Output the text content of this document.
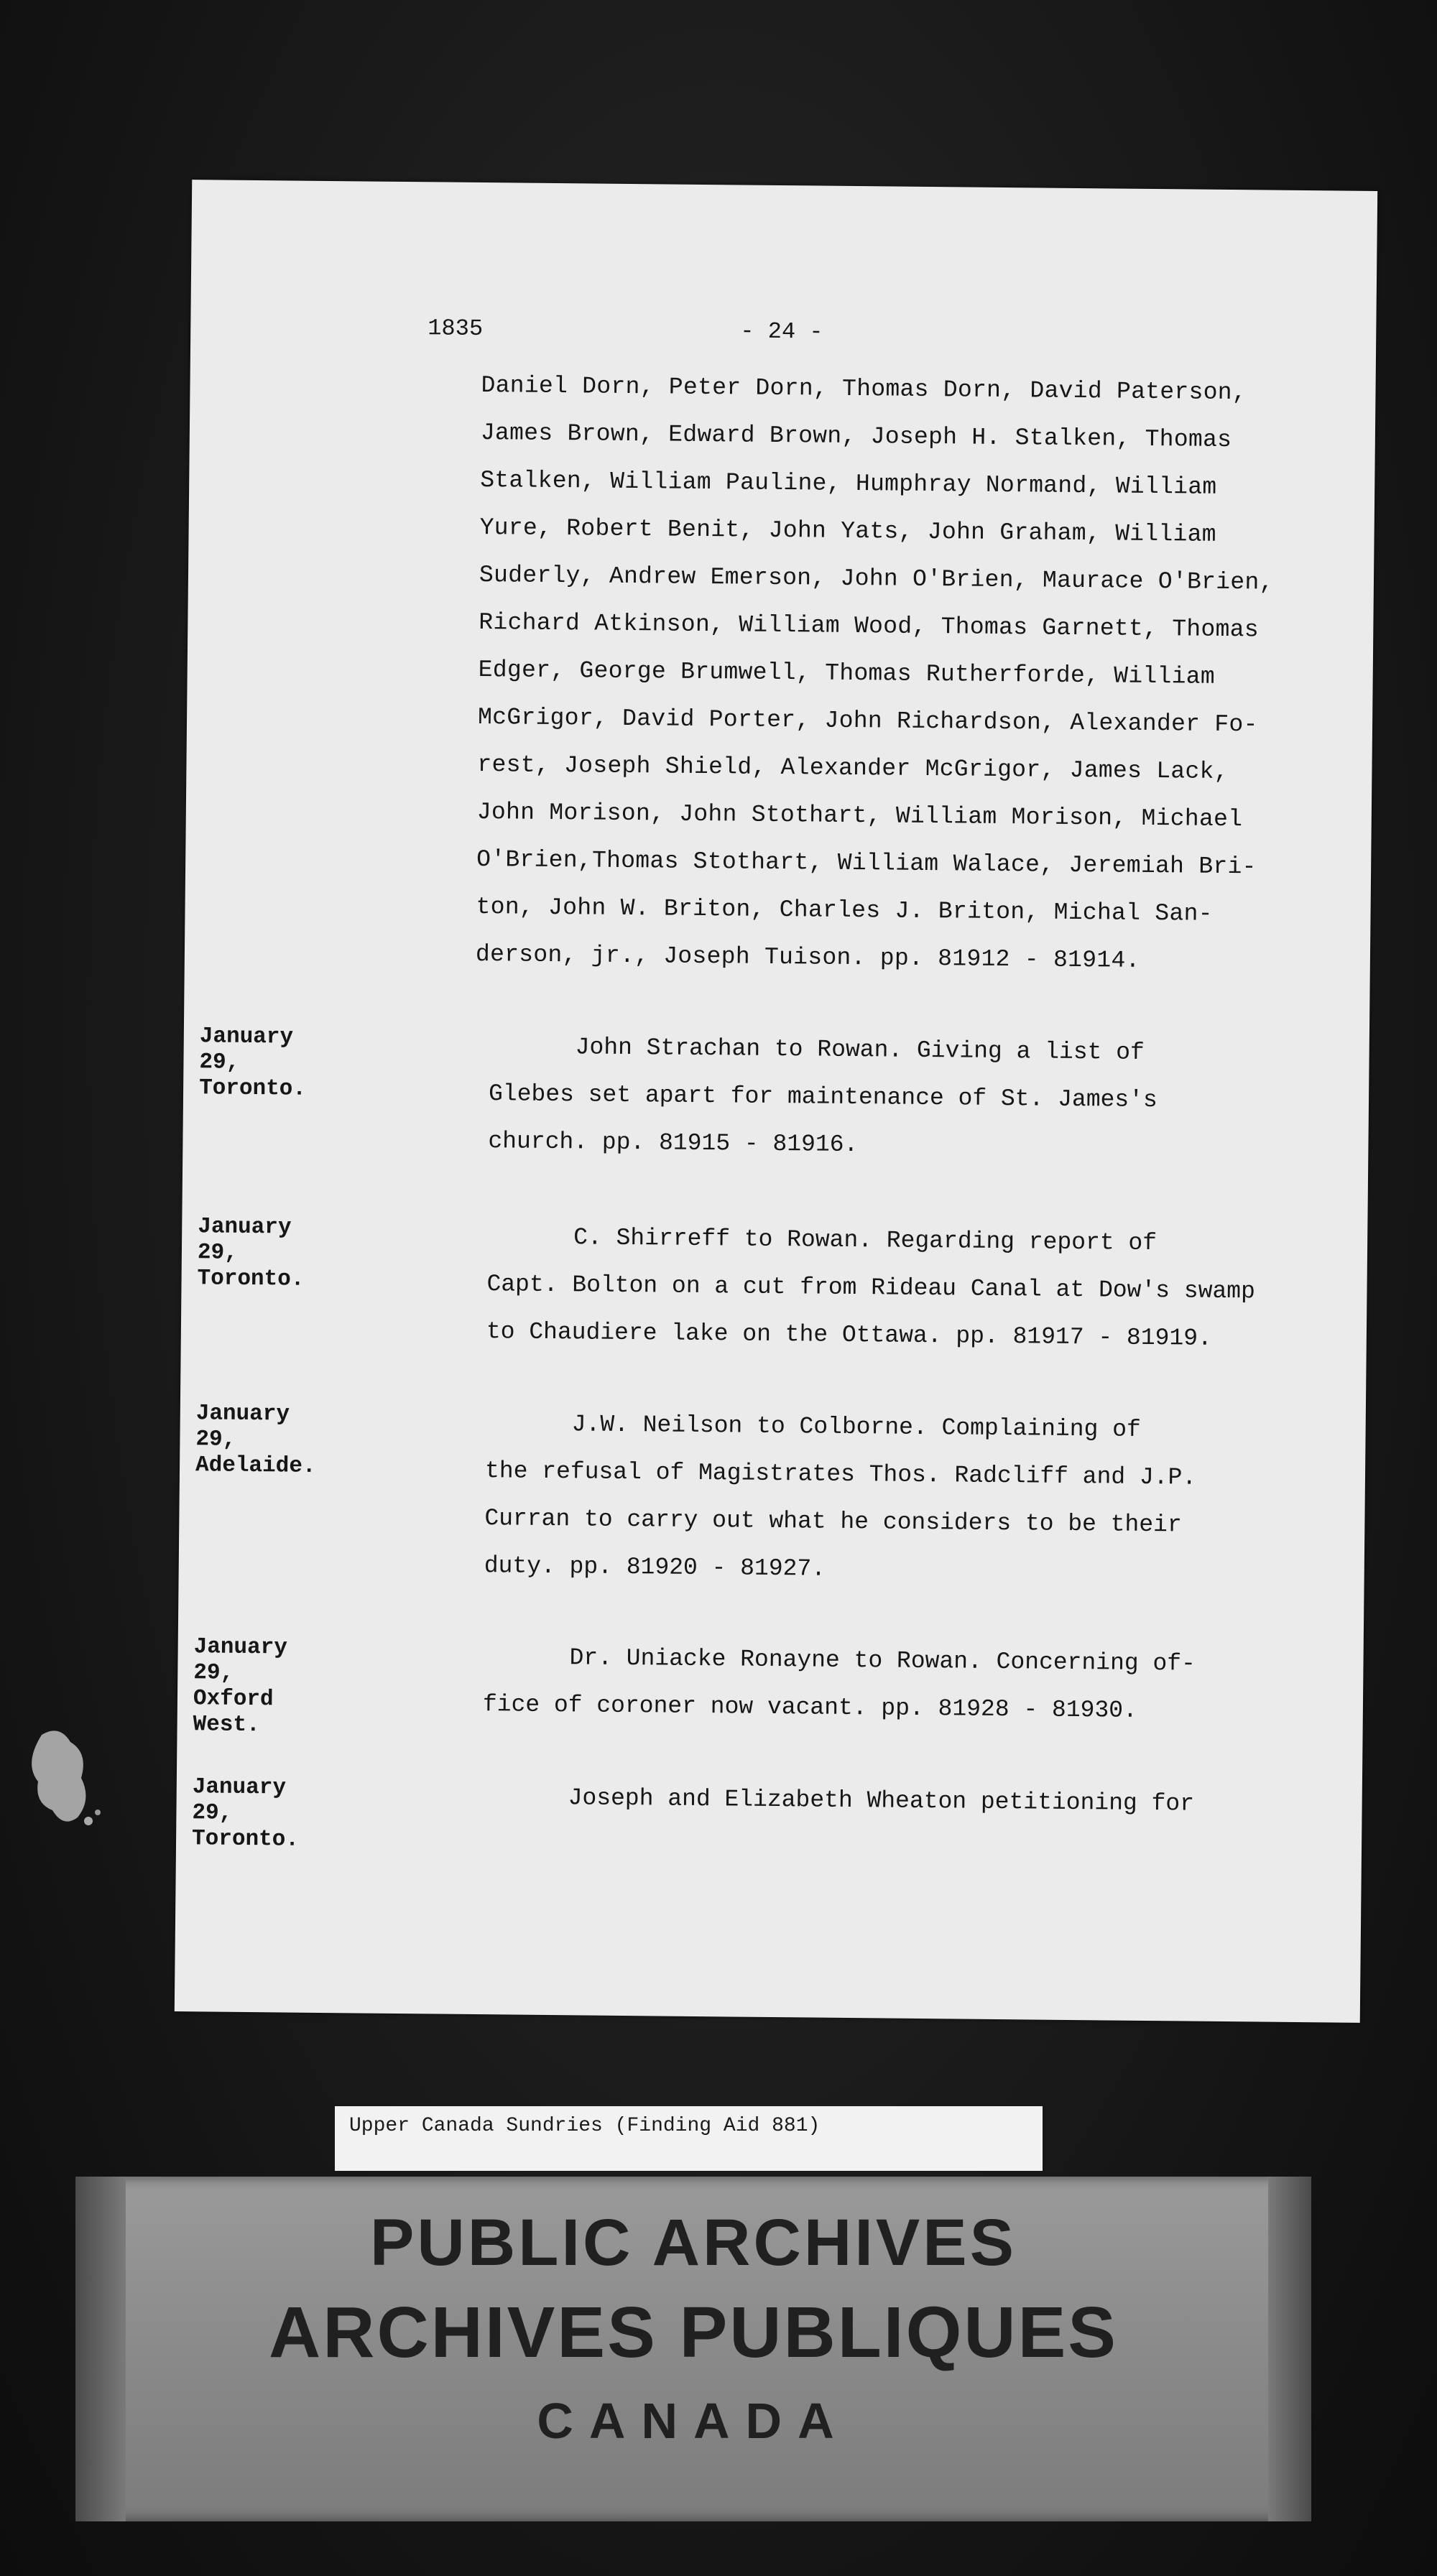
1835	- 24 -
Daniel Dorn, Peter Dorn, Thomas Dorn, David Paterson,
James Brown, Edward Brown, Joseph H. Stalken, Thomas
Stalken, William Pauline, Humphray Normand, William
Yure, Robert Benit, John Yats, John Graham, William
Suderly, Andrew Emerson, John O'Brien, Maurace O'Brien,
Richard Atkinson, William Wood, Thomas Garnett, Thomas
Edger, George Brumwell, Thomas Rutherforde, William
McGrigor, David Porter, John Richardson, Alexander Fo-
rest, Joseph Shield, Alexander McGrigor, James Lack,
John Morison, John Stothart, William Morison, Michael
O'Brien,Thomas Stothart, William Walace, Jeremiah Bri-
ton, John W. Briton, Charles J. Briton, Michal San-
derson, jr., Joseph Tuison. pp. 81912 - 81914.
January 29,
Toronto.
John Strachan to Rowan. Giving a list of
Glebes set apart for maintenance of St. James's
church. pp. 81915 - 81916.
January 29,
Toronto.
C. Shirreff to Rowan. Regarding report of
Capt. Bolton on a cut from Rideau Canal at Dow's swamp
to Chaudiere lake on the Ottawa. pp. 81917 - 81919.
January 29,
Adelaide.
J.W. Neilson to Colborne. Complaining of
the refusal of Magistrates Thos. Radcliff and J.P.
Curran to carry out what he considers to be their
duty. pp. 81920 - 81927.
January 29,
Oxford West.
Dr. Uniacke Ronayne to Rowan. Concerning of-
fice of coroner now vacant. pp. 81928 - 81930.
January 29,
Toronto.
Joseph and Elizabeth Wheaton petitioning for
Upper Canada Sundries (Finding Aid 881)
PUBLIC ARCHIVES
ARCHIVES PUBLIQUES
CANADA
